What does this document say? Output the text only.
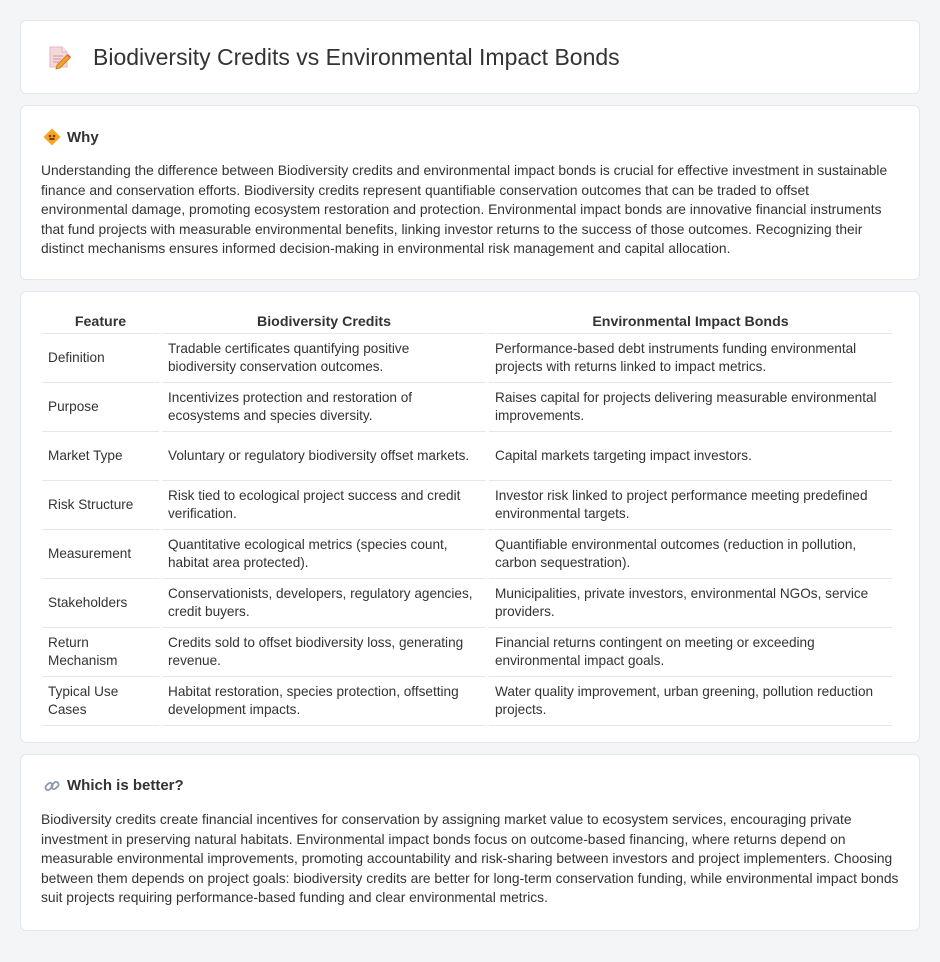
Biodiversity Credits vs Environmental Impact Bonds
Why

Understanding the difference between Biodiversity credits and environmental impact bonds is crucial for effective investment in sustainable finance and conservation efforts. Biodiversity credits represent quantifiable conservation outcomes that can be traded to offset environmental damage, promoting ecosystem restoration and protection. Environmental impact bonds are innovative financial instruments that fund projects with measurable environmental benefits, linking investor returns to the success of those outcomes. Recognizing their distinct mechanisms ensures informed decision-making in environmental risk management and capital allocation.

Feature	Biodiversity Credits	Environmental Impact Bonds
Definition	Tradable certificates quantifying positive biodiversity conservation outcomes.	Performance-based debt instruments funding environmental projects with returns linked to impact metrics.
Purpose	Incentivizes protection and restoration of ecosystems and species diversity.	Raises capital for projects delivering measurable environmental improvements.
Market Type	Voluntary or regulatory biodiversity offset markets.	Capital markets targeting impact investors.
Risk Structure	Risk tied to ecological project success and credit verification.	Investor risk linked to project performance meeting predefined environmental targets.
Measurement	Quantitative ecological metrics (species count, habitat area protected).	Quantifiable environmental outcomes (reduction in pollution, carbon sequestration).
Stakeholders	Conservationists, developers, regulatory agencies, credit buyers.	Municipalities, private investors, environmental NGOs, service providers.
Return Mechanism	Credits sold to offset biodiversity loss, generating revenue.	Financial returns contingent on meeting or exceeding environmental impact goals.
Typical Use Cases	Habitat restoration, species protection, offsetting development impacts.	Water quality improvement, urban greening, pollution reduction projects.
Which is better?

Biodiversity credits create financial incentives for conservation by assigning market value to ecosystem services, encouraging private investment in preserving natural habitats. Environmental impact bonds focus on outcome-based financing, where returns depend on measurable environmental improvements, promoting accountability and risk-sharing between investors and project implementers. Choosing between them depends on project goals: biodiversity credits are better for long-term conservation funding, while environmental impact bonds suit projects requiring performance-based funding and clear environmental metrics.
